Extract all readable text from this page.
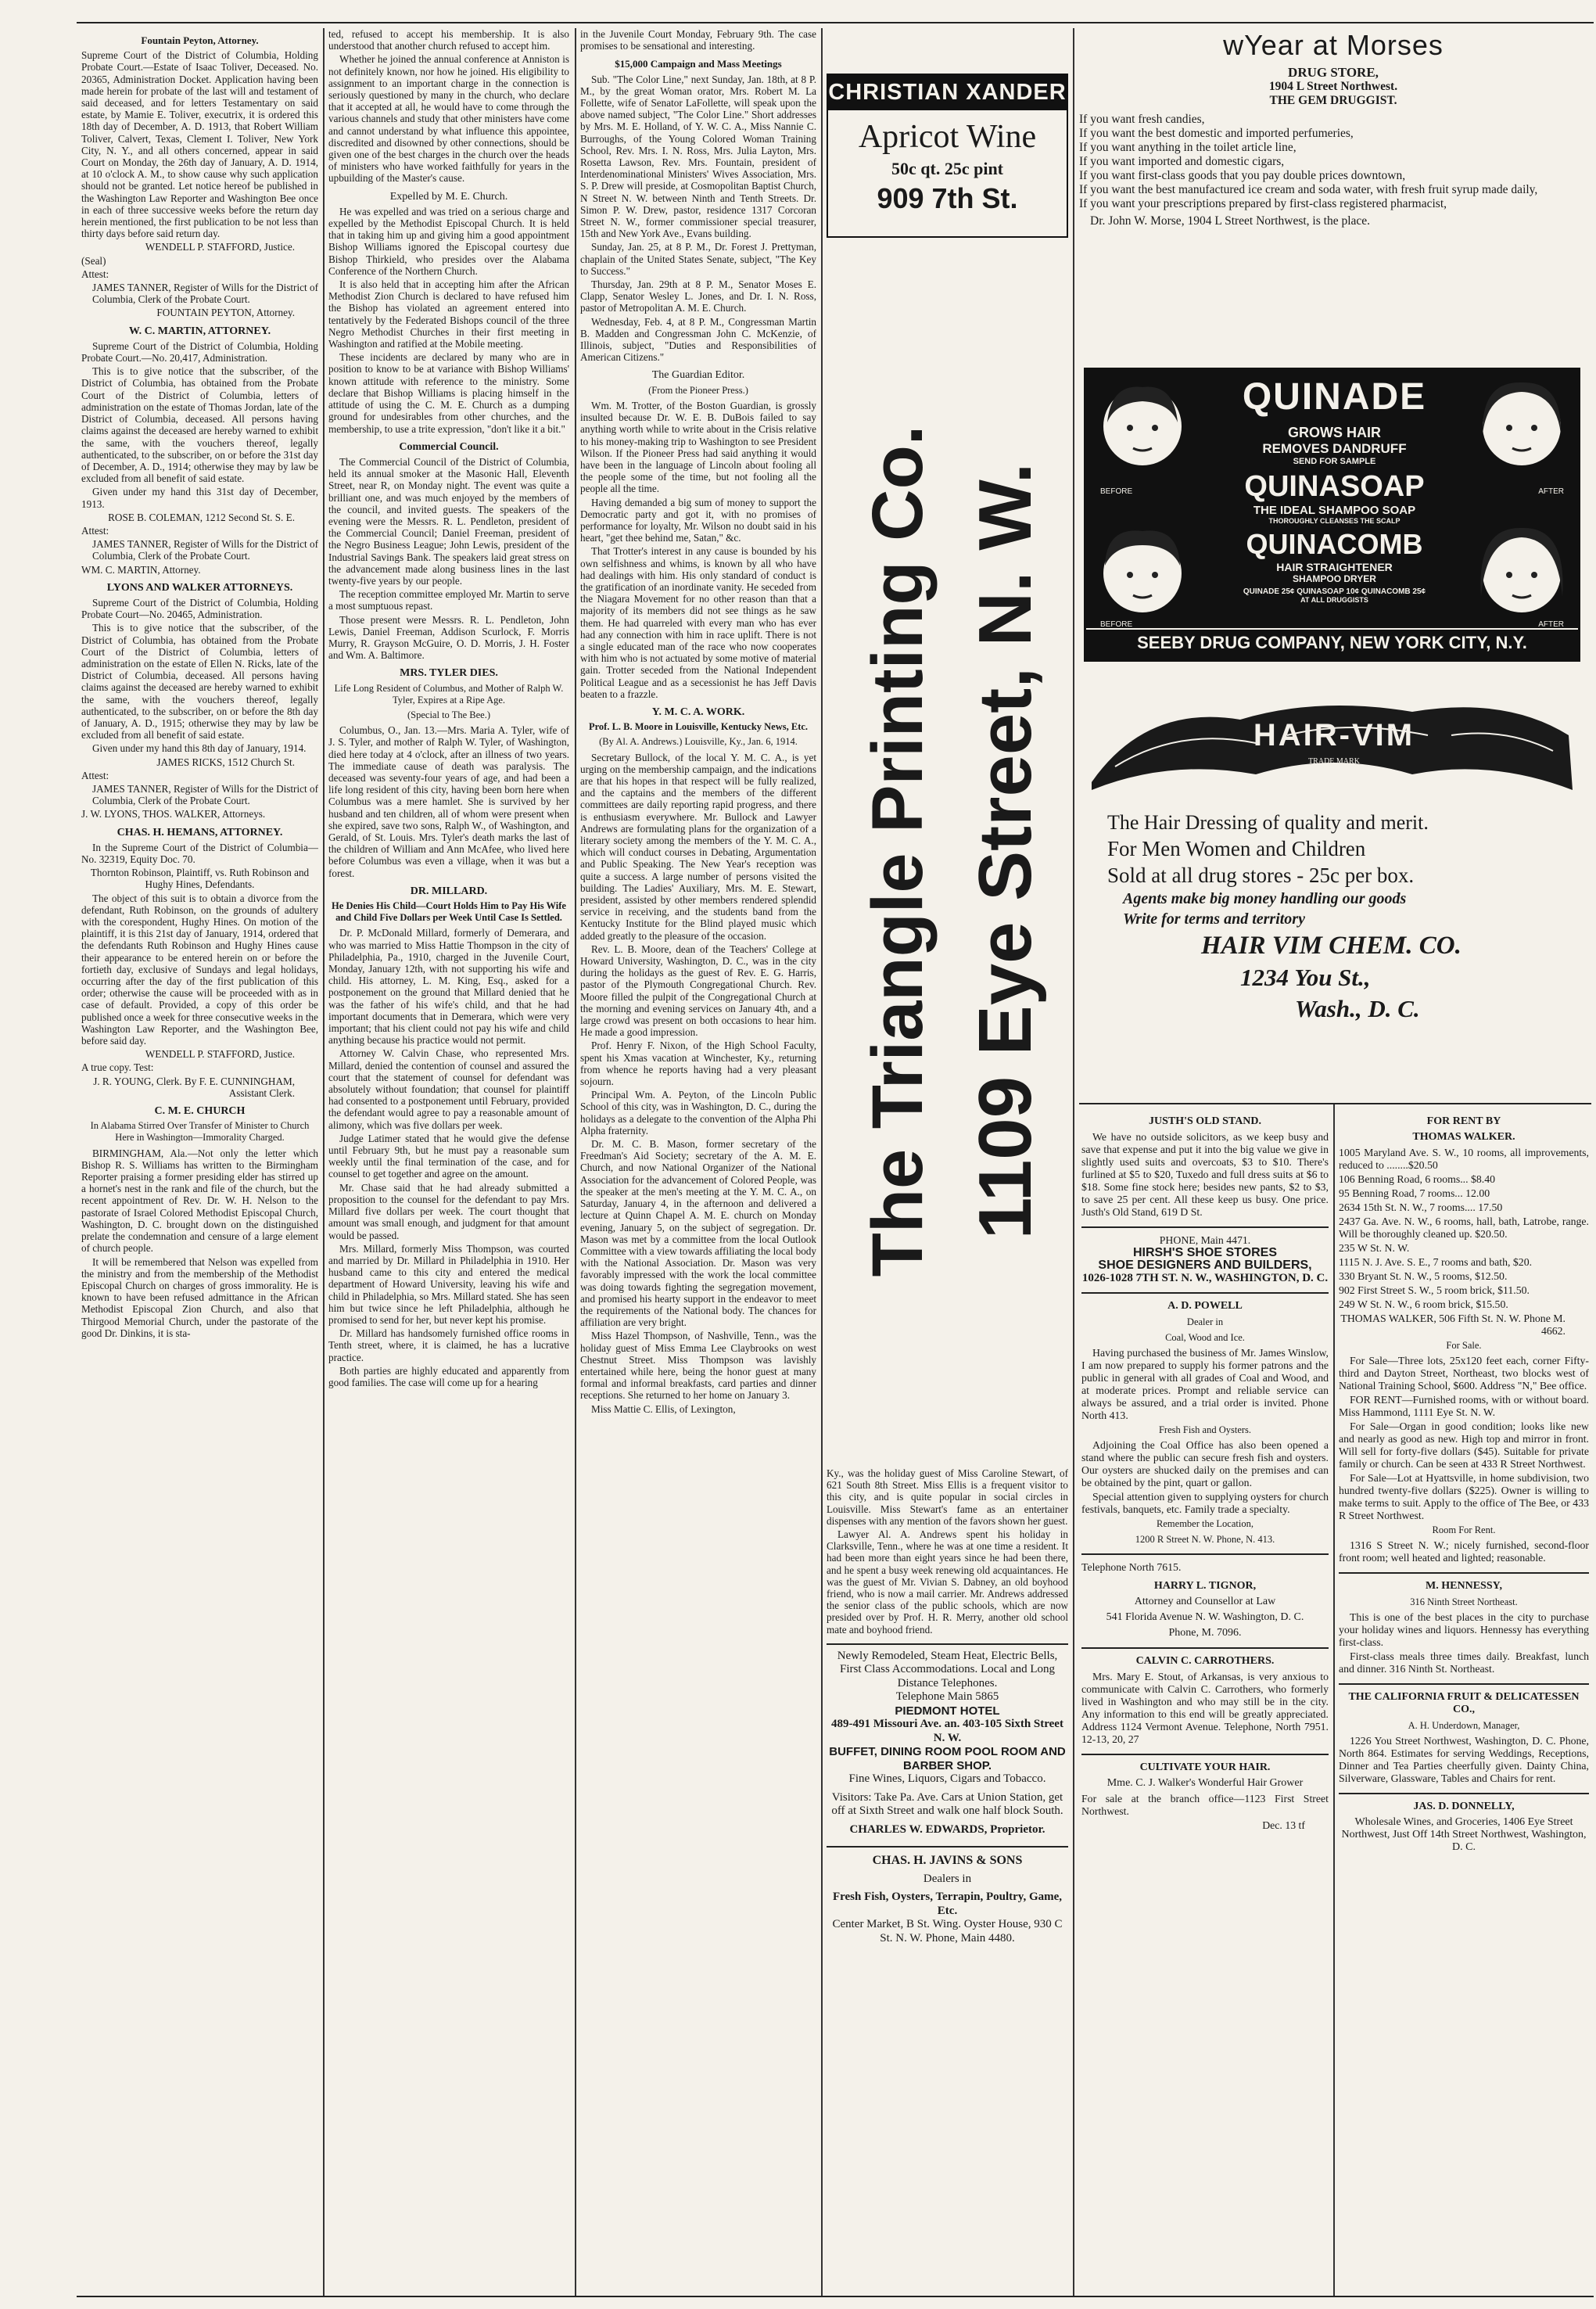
Fountain Peyton, Attorney.

Supreme Court of the District of Columbia, Holding Probate Court.—Estate of Isaac Toliver, Deceased. No. 20365, Administration Docket. Application having been made herein for probate of the last will and testament of said deceased, and for letters Testamentary on said estate, by Mamie E. Toliver, executrix, it is ordered this 18th day of December, A. D. 1913, that Robert William Toliver, Calvert, Texas, Clement I. Toliver, New York City, N. Y., and all others concerned, appear in said Court on Monday, the 26th day of January, A. D. 1914, at 10 o'clock A. M., to show cause why such application should not be granted. Let notice hereof be published in the Washington Law Reporter and Washington Bee once in each of three successive weeks before the return day herein mentioned, the first publication to be not less than thirty days before said return day.

WENDELL P. STAFFORD, Justice.

(Seal)

Attest:

JAMES TANNER, Register of Wills for the District of Columbia, Clerk of the Probate Court.

FOUNTAIN PEYTON, Attorney.

W. C. MARTIN, ATTORNEY.

Supreme Court of the District of Columbia, Holding Probate Court.—No. 20,417, Administration.

This is to give notice that the subscriber, of the District of Columbia, has obtained from the Probate Court of the District of Columbia, letters of administration on the estate of Thomas Jordan, late of the District of Columbia, deceased. All persons having claims against the deceased are hereby warned to exhibit the same, with the vouchers thereof, legally authenticated, to the subscriber, on or before the 31st day of December, A. D., 1914; otherwise they may by law be excluded from all benefit of said estate.

Given under my hand this 31st day of December, 1913.

ROSE B. COLEMAN, 1212 Second St. S. E.

Attest:

JAMES TANNER, Register of Wills for the District of Columbia, Clerk of the Probate Court.

WM. C. MARTIN, Attorney.

LYONS AND WALKER ATTORNEYS.

Supreme Court of the District of Columbia, Holding Probate Court—No. 20465, Administration.

This is to give notice that the subscriber, of the District of Columbia, has obtained from the Probate Court of the District of Columbia, letters of administration on the estate of Ellen N. Ricks, late of the District of Columbia, deceased. All persons having claims against the deceased are hereby warned to exhibit the same, with the vouchers thereof, legally authenticated, to the subscriber, on or before the 8th day of January, A. D., 1915; otherwise they may by law be excluded from all benefit of said estate.

Given under my hand this 8th day of January, 1914.

JAMES RICKS, 1512 Church St.

Attest:

JAMES TANNER, Register of Wills for the District of Columbia, Clerk of the Probate Court.

J. W. LYONS, THOS. WALKER, Attorneys.

CHAS. H. HEMANS, ATTORNEY.

In the Supreme Court of the District of Columbia—No. 32319, Equity Doc. 70.

Thornton Robinson, Plaintiff, vs. Ruth Robinson and Hughy Hines, Defendants.

The object of this suit is to obtain a divorce from the defendant, Ruth Robinson, on the grounds of adultery with the corespondent, Hughy Hines. On motion of the plaintiff, it is this 21st day of January, 1914, ordered that the defendants Ruth Robinson and Hughy Hines cause their appearance to be entered herein on or before the fortieth day, exclusive of Sundays and legal holidays, occurring after the day of the first publication of this order; otherwise the cause will be proceeded with as in case of default. Provided, a copy of this order be published once a week for three consecutive weeks in the Washington Law Reporter, and the Washington Bee, before said day.

WENDELL P. STAFFORD, Justice.

A true copy. Test:

J. R. YOUNG, Clerk. By F. E. CUNNINGHAM, Assistant Clerk.

C. M. E. CHURCH
In Alabama Stirred Over Transfer of Minister to Church Here in Washington—Immorality Charged.

BIRMINGHAM, Ala.—Not only the letter which Bishop R. S. Williams has written to the Birmingham Reporter praising a former presiding elder has stirred up a hornet's nest in the rank and file of the church, but the recent appointment of Rev. Dr. W. H. Nelson to the pastorate of Israel Colored Methodist Episcopal Church, Washington, D. C. brought down on the distinguished prelate the condemnation and censure of a large element of church people.

It will be remembered that Nelson was expelled from the ministry and from the membership of the Methodist Episcopal Church on charges of gross immorality. He is known to have been refused admittance in the African Methodist Episcopal Zion Church, and also that Thirgood Memorial Church, under the pastorate of the good Dr. Dinkins, it is sta-

ted, refused to accept his membership. It is also understood that another church refused to accept him.

Whether he joined the annual conference at Anniston is not definitely known, nor how he joined. His eligibility to assignment to an important charge in the connection is seriously questioned by many in the church, who declare that it accepted at all, he would have to come through the various channels and study that other ministers have come and cannot understand by what influence this appointee, discredited and disowned by other connections, should be given one of the best charges in the church over the heads of ministers who have worked faithfully for years in the upbuilding of the Master's cause.

Expelled by M. E. Church.

He was expelled and was tried on a serious charge and expelled by the Methodist Episcopal Church. It is held that in taking him up and giving him a good appointment Bishop Williams ignored the Episcopal courtesy due Bishop Thirkield, who presides over the Alabama Conference of the Northern Church.

It is also held that in accepting him after the African Methodist Zion Church is declared to have refused him the Bishop has violated an agreement entered into tentatively by the Federated Bishops council of the three Negro Methodist Churches in their first meeting in Washington and ratified at the Mobile meeting.

These incidents are declared by many who are in position to know to be at variance with Bishop Williams' known attitude with reference to the ministry. Some declare that Bishop Williams is placing himself in the attitude of using the C. M. E. Church as a dumping ground for undesirables from other churches, and the membership, to use a trite expression, "don't like it a bit."

Commercial Council.

The Commercial Council of the District of Columbia, held its annual smoker at the Masonic Hall, Eleventh Street, near R, on Monday night. The event was quite a brilliant one, and was much enjoyed by the members of the council, and invited guests. The speakers of the evening were the Messrs. R. L. Pendleton, president of the Commercial Council; Daniel Freeman, president of the Negro Business League; John Lewis, president of the Industrial Savings Bank. The speakers laid great stress on the advancement made along business lines in the last twenty-five years by our people.

The reception committee employed Mr. Martin to serve a most sumptuous repast.

Those present were Messrs. R. L. Pendleton, John Lewis, Daniel Freeman, Addison Scurlock, F. Morris Murry, R. Grayson McGuire, O. D. Morris, J. H. Foster and Wm. A. Baltimore.

MRS. TYLER DIES.
Life Long Resident of Columbus, and Mother of Ralph W. Tyler, Expires at a Ripe Age.
(Special to The Bee.)

Columbus, O., Jan. 13.—Mrs. Maria A. Tyler, wife of J. S. Tyler, and mother of Ralph W. Tyler, of Washington, died here today at 4 o'clock, after an illness of two years. The immediate cause of death was paralysis. The deceased was seventy-four years of age, and had been a life long resident of this city, having been born here when Columbus was a mere hamlet. She is survived by her husband and ten children, all of whom were present when she expired, save two sons, Ralph W., of Washington, and Gerald, of St. Louis. Mrs. Tyler's death marks the last of the children of William and Ann McAfee, who lived here before Columbus was even a village, when it was but a forest.

DR. MILLARD.
He Denies His Child—Court Holds Him to Pay His Wife and Child Five Dollars per Week Until Case Is Settled.

Dr. P. McDonald Millard, formerly of Demerara, and who was married to Miss Hattie Thompson in the city of Philadelphia, Pa., 1910, charged in the Juvenile Court, Monday, January 12th, with not supporting his wife and child. His attorney, L. M. King, Esq., asked for a postponement on the ground that Millard denied that he was the father of his wife's child, and that he had important documents that in Demerara, which were very important; that his client could not pay his wife and child anything because his practice would not permit.

Attorney W. Calvin Chase, who represented Mrs. Millard, denied the contention of counsel and assured the court that the statement of counsel for defendant was absolutely without foundation; that counsel for plaintiff had consented to a postponement until February, provided the defendant would agree to pay a reasonable amount of alimony, which was five dollars per week.

Judge Latimer stated that he would give the defense until February 9th, but he must pay a reasonable sum weekly until the final termination of the case, and for counsel to get together and agree on the amount.

Mr. Chase said that he had already submitted a proposition to the counsel for the defendant to pay Mrs. Millard five dollars per week. The court thought that amount was small enough, and judgment for that amount would be passed.

Mrs. Millard, formerly Miss Thompson, was courted and married by Dr. Millard in Philadelphia in 1910. Her husband came to this city and entered the medical department of Howard University, leaving his wife and child in Philadelphia, so Mrs. Millard stated. She has seen him but twice since he left Philadelphia, although he promised to send for her, but never kept his promise.

Dr. Millard has handsomely furnished office rooms in Tenth street, where, it is claimed, he has a lucrative practice.

Both parties are highly educated and apparently from good families. The case will come up for a hearing

in the Juvenile Court Monday, February 9th. The case promises to be sensational and interesting.

$15,000 Campaign and Mass Meetings

Sub. "The Color Line," next Sunday, Jan. 18th, at 8 P. M., by the great Woman orator, Mrs. Robert M. La Follette, wife of Senator LaFollette, will speak upon the above named subject, "The Color Line." Short addresses by Mrs. M. E. Holland, of Y. W. C. A., Miss Nannie C. Burroughs, of the Young Colored Woman Training School, Rev. Mrs. I. N. Ross, Mrs. Julia Layton, Mrs. Rosetta Lawson, Rev. Mrs. Fountain, president of Interdenominational Ministers' Wives Association, Mrs. S. P. Drew will preside, at Cosmopolitan Baptist Church, N Street N. W. between Ninth and Tenth Streets. Dr. Simon P. W. Drew, pastor, residence 1317 Corcoran Street N. W., former commissioner special treasurer, 15th and New York Ave., Evans building.

Sunday, Jan. 25, at 8 P. M., Dr. Forest J. Prettyman, chaplain of the United States Senate, subject, "The Key to Success."

Thursday, Jan. 29th at 8 P. M., Senator Moses E. Clapp, Senator Wesley L. Jones, and Dr. I. N. Ross, pastor of Metropolitan A. M. E. Church.

Wednesday, Feb. 4, at 8 P. M., Congressman Martin B. Madden and Congressman John C. McKenzie, of Illinois, subject, "Duties and Responsibilities of American Citizens."

The Guardian Editor.
(From the Pioneer Press.)

Wm. M. Trotter, of the Boston Guardian, is grossly insulted because Dr. W. E. B. DuBois failed to say anything worth while to write about in the Crisis relative to his money-making trip to Washington to see President Wilson. If the Pioneer Press had said anything it would have been in the language of Lincoln about fooling all the people some of the time, but not fooling all the people all the time.

Having demanded a big sum of money to support the Democratic party and got it, with no promises of performance for loyalty, Mr. Wilson no doubt said in his heart, "get thee behind me, Satan," &c.

That Trotter's interest in any cause is bounded by his own selfishness and whims, is known by all who have had dealings with him. His only standard of conduct is the gratification of an inordinate vanity. He seceded from the Niagara Movement for no other reason than that a majority of its members did not see things as he saw them. He had quarreled with every man who has ever had any connection with him in race uplift. There is not a single educated man of the race who now cooperates with him who is not actuated by some motive of material gain. Trotter seceded from the National Independent Political League and as a secessionist he has Jeff Davis beaten to a frazzle.

Y. M. C. A. WORK.
Prof. L. B. Moore in Louisville, Kentucky News, Etc.
(By Al. A. Andrews.) Louisville, Ky., Jan. 6, 1914.

Secretary Bullock, of the local Y. M. C. A., is yet urging on the membership campaign, and the indications are that his hopes in that respect will be fully realized, and the captains and the members of the different committees are daily reporting rapid progress, and there is enthusiasm everywhere. Mr. Bullock and Lawyer Andrews are formulating plans for the organization of a literary society among the members of the Y. M. C. A., which will conduct courses in Debating, Argumentation and Public Speaking. The New Year's reception was quite a success. A large number of persons visited the building. The Ladies' Auxiliary, Mrs. M. E. Stewart, president, assisted by other members rendered splendid service in receiving, and the students band from the Kentucky Institute for the Blind played music which added greatly to the pleasure of the occasion.

Rev. L. B. Moore, dean of the Teachers' College at Howard University, Washington, D. C., was in the city during the holidays as the guest of Rev. E. G. Harris, pastor of the Plymouth Congregational Church. Rev. Moore filled the pulpit of the Congregational Church at the morning and evening services on January 4th, and a large crowd was present on both occasions to hear him. He made a good impression.

Prof. Henry F. Nixon, of the High School Faculty, spent his Xmas vacation at Winchester, Ky., returning from whence he reports having had a very pleasant sojourn.

Principal Wm. A. Peyton, of the Lincoln Public School of this city, was in Washington, D. C., during the holidays as a delegate to the convention of the Alpha Phi Alpha fraternity.

Dr. M. C. B. Mason, former secretary of the Freedman's Aid Society; secretary of the A. M. E. Church, and now National Organizer of the National Association for the advancement of Colored People, was the speaker at the men's meeting at the Y. M. C. A., on Saturday, January 4, in the afternoon and delivered a lecture at Quinn Chapel A. M. E. church on Monday evening, January 5, on the subject of segregation. Dr. Mason was met by a committee from the local Outlook Committee with a view towards affiliating the local body with the National Association. Dr. Mason was very favorably impressed with the work the local committee was doing towards fighting the segregation movement, and promised his hearty support in the endeavor to meet the requirements of the National body. The chances for affiliation are very bright.

Miss Hazel Thompson, of Nashville, Tenn., was the holiday guest of Miss Emma Lee Claybrooks on west Chestnut Street. Miss Thompson was lavishly entertained while here, being the honor guest at many formal and informal breakfasts, card parties and dinner receptions. She returned to her home on January 3.

Miss Mattie C. Ellis, of Lexington,

CHRISTIAN XANDER
Apricot Wine
50c qt. 25c pint
909 7th St.
The Triangle Printing Co. 1109 Eye Street, N. W.

Ky., was the holiday guest of Miss Caroline Stewart, of 621 South 8th Street. Miss Ellis is a frequent visitor to this city, and is quite popular in social circles in Louisville. Miss Stewart's fame as an entertainer dispenses with any mention of the favors shown her guest.

Lawyer Al. A. Andrews spent his holiday in Clarksville, Tenn., where he was at one time a resident. It had been more than eight years since he had been there, and he spent a busy week renewing old acquaintances. He was the guest of Mr. Vivian S. Dabney, an old boyhood friend, who is now a mail carrier. Mr. Andrews addressed the senior class of the public schools, which are now presided over by Prof. H. R. Merry, another old school mate and boyhood friend.

Newly Remodeled, Steam Heat, Electric Bells, First Class Accommodations. Local and Long Distance Telephones.
Telephone Main 5865
PIEDMONT HOTEL
489-491 Missouri Ave. an. 403-105 Sixth Street N. W.
BUFFET, DINING ROOM POOL ROOM AND BARBER SHOP.
Fine Wines, Liquors, Cigars and Tobacco.
Visitors: Take Pa. Ave. Cars at Union Station, get off at Sixth Street and walk one half block South.
CHARLES W. EDWARDS, Proprietor.
CHAS. H. JAVINS & SONS
Dealers in
Fresh Fish, Oysters, Terrapin, Poultry, Game, Etc.
Center Market, B St. Wing. Oyster House, 930 C St. N. W. Phone, Main 4480.
wYear at Morses
DRUG STORE,
1904 L Street Northwest.
THE GEM DRUGGIST.
If you want fresh candies,
If you want the best domestic and imported perfumeries,
If you want anything in the toilet article line,
If you want imported and domestic cigars,
If you want first-class goods that you pay double prices downtown,
If you want the best manufactured ice cream and soda water, with fresh fruit syrup made daily,
If you want your prescriptions prepared by first-class registered pharmacist,
Dr. John W. Morse, 1904 L Street Northwest, is the place.
BEFORE
BEFORE
AFTER
AFTER
QUINADE
GROWS HAIR
REMOVES DANDRUFF
SEND FOR SAMPLE
QUINASOAP
THE IDEAL SHAMPOO SOAP
THOROUGHLY CLEANSES THE SCALP
QUINACOMB
HAIR STRAIGHTENER
SHAMPOO DRYER
QUINADE 25¢ QUINASOAP 10¢ QUINACOMB 25¢
AT ALL DRUGGISTS
SEEBY DRUG COMPANY, NEW YORK CITY, N.Y.
HAIR-VIM
TRADE MARK
The Hair Dressing of quality and merit.
For Men Women and Children
Sold at all drug stores - 25c per box.
Agents make big money handling our goods
Write for terms and territory
HAIR VIM CHEM. CO.
1234 You St.,
Wash., D. C.
JUSTH'S OLD STAND.

We have no outside solicitors, as we keep busy and save that expense and put it into the big value we give in slightly used suits and overcoats, $3 to $10. There's furlined at $5 to $20, Tuxedo and full dress suits at $6 to $18. Some fine stock here; besides new pants, $2 to $3, to save 25 per cent. All these keep us busy. One price. Justh's Old Stand, 619 D St.

PHONE, Main 4471.
HIRSH'S SHOE STORES
SHOE DESIGNERS AND BUILDERS,
1026-1028 7TH ST. N. W., WASHINGTON, D. C.
A. D. POWELL
Dealer in
Coal, Wood and Ice.

Having purchased the business of Mr. James Winslow, I am now prepared to supply his former patrons and the public in general with all grades of Coal and Wood, and at moderate prices. Prompt and reliable service can always be assured, and a trial order is invited. Phone North 413.

Fresh Fish and Oysters.

Adjoining the Coal Office has also been opened a stand where the public can secure fresh fish and oysters. Our oysters are shucked daily on the premises and can be obtained by the pint, quart or gallon.

Special attention given to supplying oysters for church festivals, banquets, etc. Family trade a specialty.

Remember the Location,
1200 R Street N. W. Phone, N. 413.

Telephone North 7615.

HARRY L. TIGNOR,
Attorney and Counsellor at Law
541 Florida Avenue N. W. Washington, D. C.
Phone, M. 7096.
CALVIN C. CARROTHERS.

Mrs. Mary E. Stout, of Arkansas, is very anxious to communicate with Calvin C. Carrothers, who formerly lived in Washington and who may still be in the city. Any information to this end will be greatly appreciated. Address 1124 Vermont Avenue. Telephone, North 7951. 12-13, 20, 27

CULTIVATE YOUR HAIR.
Mme. C. J. Walker's Wonderful Hair Grower

For sale at the branch office—1123 First Street Northwest.

Dec. 13 tf

FOR RENT BY
THOMAS WALKER.

1005 Maryland Ave. S. W., 10 rooms, all improvements, reduced to ........$20.50

106 Benning Road, 6 rooms... $8.40

95 Benning Road, 7 rooms... 12.00

2634 15th St. N. W., 7 rooms.... 17.50

2437 Ga. Ave. N. W., 6 rooms, hall, bath, Latrobe, range. Will be thoroughly cleaned up. $20.50.

235 W St. N. W.

1115 N. J. Ave. S. E., 7 rooms and bath, $20.

330 Bryant St. N. W., 5 rooms, $12.50.

902 First Street S. W., 5 room brick, $11.50.

249 W St. N. W., 6 room brick, $15.50.

THOMAS WALKER, 506 Fifth St. N. W. Phone M. 4662.

For Sale.

For Sale—Three lots, 25x120 feet each, corner Fifty-third and Dayton Street, Northeast, two blocks west of National Training School, $600. Address "N," Bee office.

FOR RENT—Furnished rooms, with or without board. Miss Hammond, 1111 Eye St. N. W.

For Sale—Organ in good condition; looks like new and nearly as good as new. High top and mirror in front. Will sell for forty-five dollars ($45). Suitable for private family or church. Can be seen at 433 R Street Northwest.

For Sale—Lot at Hyattsville, in home subdivision, two hundred twenty-five dollars ($225). Owner is willing to make terms to suit. Apply to the office of The Bee, or 433 R Street Northwest.

Room For Rent.

1316 S Street N. W.; nicely furnished, second-floor front room; well heated and lighted; reasonable.

M. HENNESSY,
316 Ninth Street Northeast.

This is one of the best places in the city to purchase your holiday wines and liquors. Hennessy has everything first-class.

First-class meals three times daily. Breakfast, lunch and dinner. 316 Ninth St. Northeast.

THE CALIFORNIA FRUIT & DELICATESSEN CO.,
A. H. Underdown, Manager,

1226 You Street Northwest, Washington, D. C. Phone, North 864. Estimates for serving Weddings, Receptions, Dinner and Tea Parties cheerfully given. Dainty China, Silverware, Glassware, Tables and Chairs for rent.

JAS. D. DONNELLY,
Wholesale Wines, and Groceries, 1406 Eye Street Northwest, Just Off 14th Street Northwest, Washington, D. C.
